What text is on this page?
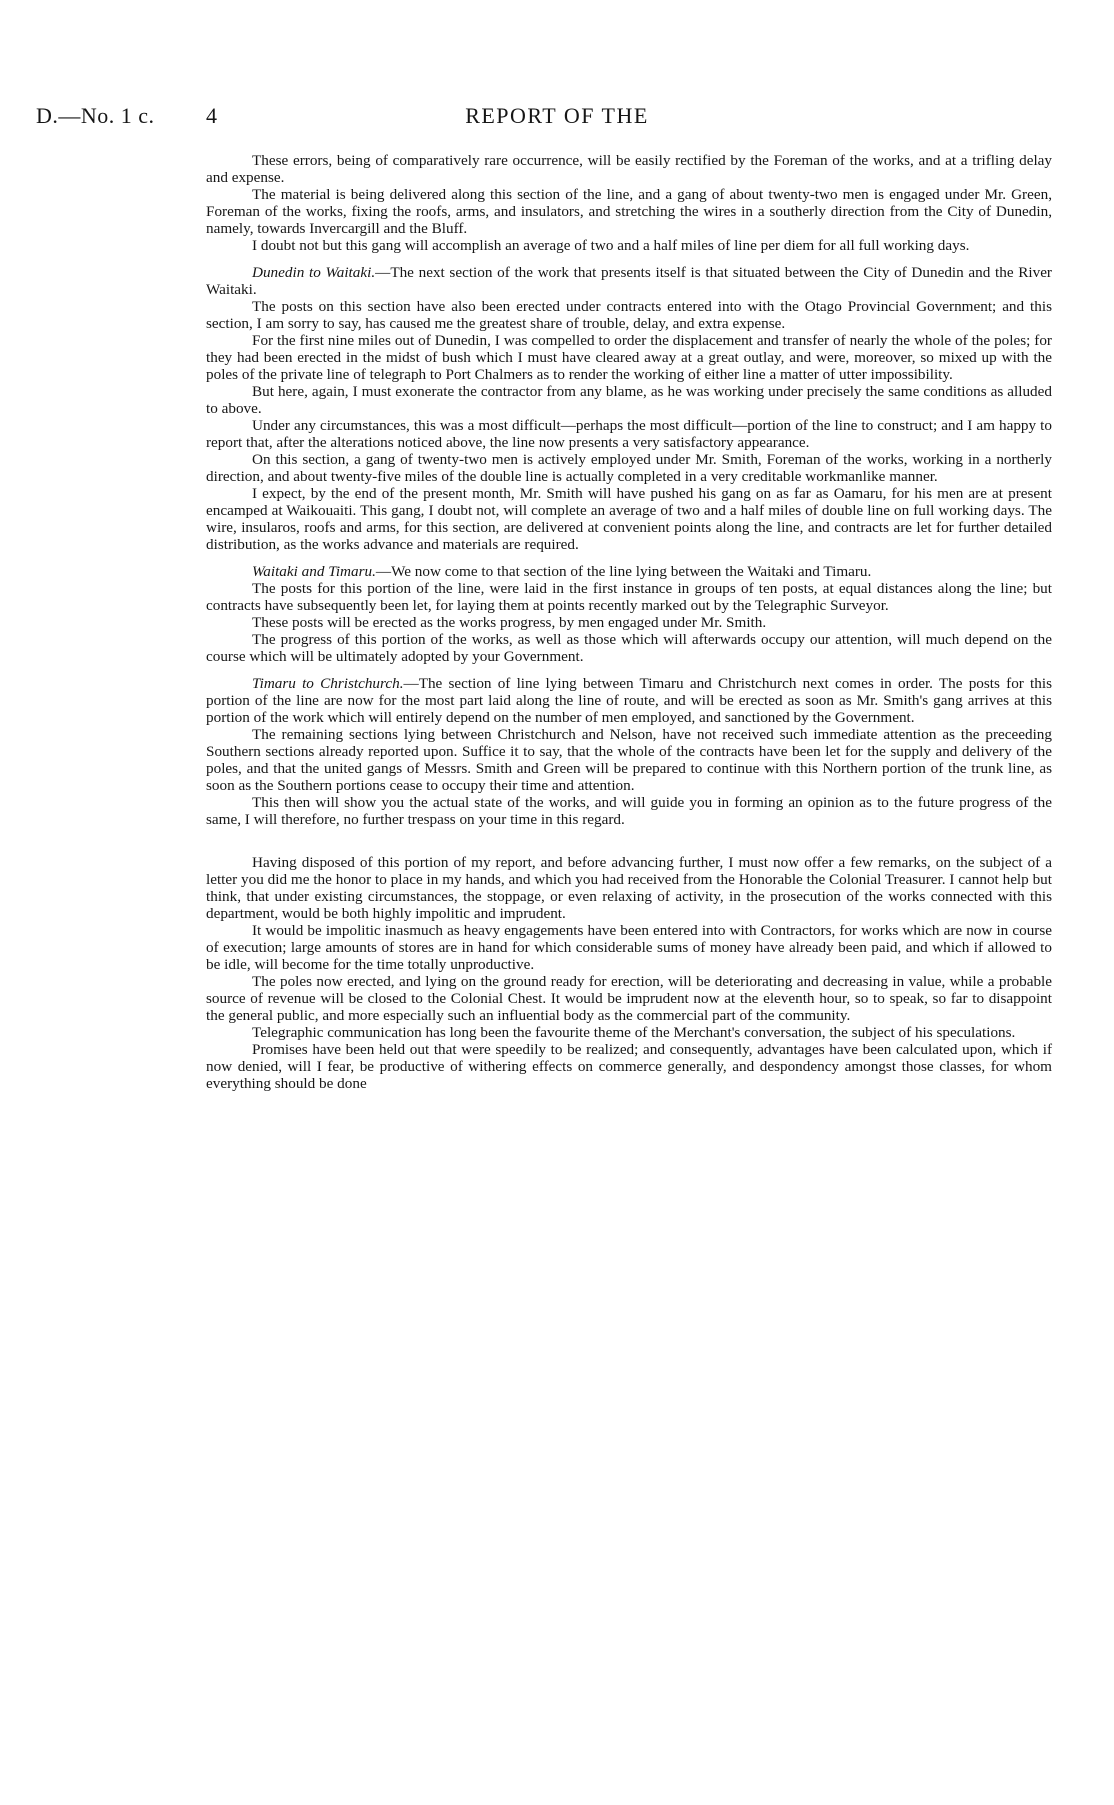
D.—No. 1 c. 4	REPORT OF THE

These errors, being of comparatively rare occurrence, will be easily rectified by the Foreman of the works, and at a trifling delay and expense.

The material is being delivered along this section of the line, and a gang of about twenty-two men is engaged under Mr. Green, Foreman of the works, fixing the roofs, arms, and insulators, and stretching the wires in a southerly direction from the City of Dunedin, namely, towards Invercargill and the Bluff.

I doubt not but this gang will accomplish an average of two and a half miles of line per diem for all full working days.

Dunedin to Waitaki.—The next section of the work that presents itself is that situated between the City of Dunedin and the River Waitaki.

The posts on this section have also been erected under contracts entered into with the Otago Provincial Government; and this section, I am sorry to say, has caused me the greatest share of trouble, delay, and extra expense.

For the first nine miles out of Dunedin, I was compelled to order the displacement and transfer of nearly the whole of the poles; for they had been erected in the midst of bush which I must have cleared away at a great outlay, and were, moreover, so mixed up with the poles of the private line of telegraph to Port Chalmers as to render the working of either line a matter of utter impossibility.

But here, again, I must exonerate the contractor from any blame, as he was working under precisely the same conditions as alluded to above.

Under any circumstances, this was a most difficult—perhaps the most difficult—portion of the line to construct; and I am happy to report that, after the alterations noticed above, the line now presents a very satisfactory appearance.

On this section, a gang of twenty-two men is actively employed under Mr. Smith, Foreman of the works, working in a northerly direction, and about twenty-five miles of the double line is actually completed in a very creditable workmanlike manner.

I expect, by the end of the present month, Mr. Smith will have pushed his gang on as far as Oamaru, for his men are at present encamped at Waikouaiti. This gang, I doubt not, will complete an average of two and a half miles of double line on full working days. The wire, insularos, roofs and arms, for this section, are delivered at convenient points along the line, and contracts are let for further detailed distribution, as the works advance and materials are required.

Waitaki and Timaru.—We now come to that section of the line lying between the Waitaki and Timaru.

The posts for this portion of the line, were laid in the first instance in groups of ten posts, at equal distances along the line; but contracts have subsequently been let, for laying them at points recently marked out by the Telegraphic Surveyor.

These posts will be erected as the works progress, by men engaged under Mr. Smith.

The progress of this portion of the works, as well as those which will afterwards occupy our attention, will much depend on the course which will be ultimately adopted by your Government.

Timaru to Christchurch.—The section of line lying between Timaru and Christchurch next comes in order. The posts for this portion of the line are now for the most part laid along the line of route, and will be erected as soon as Mr. Smith's gang arrives at this portion of the work which will entirely depend on the number of men employed, and sanctioned by the Government.

The remaining sections lying between Christchurch and Nelson, have not received such immediate attention as the preceeding Southern sections already reported upon. Suffice it to say, that the whole of the contracts have been let for the supply and delivery of the poles, and that the united gangs of Messrs. Smith and Green will be prepared to continue with this Northern portion of the trunk line, as soon as the Southern portions cease to occupy their time and attention.

This then will show you the actual state of the works, and will guide you in forming an opinion as to the future progress of the same, I will therefore, no further trespass on your time in this regard.

Having disposed of this portion of my report, and before advancing further, I must now offer a few remarks, on the subject of a letter you did me the honor to place in my hands, and which you had received from the Honorable the Colonial Treasurer. I cannot help but think, that under existing circumstances, the stoppage, or even relaxing of activity, in the prosecution of the works connected with this department, would be both highly impolitic and imprudent.

It would be impolitic inasmuch as heavy engagements have been entered into with Contractors, for works which are now in course of execution; large amounts of stores are in hand for which considerable sums of money have already been paid, and which if allowed to be idle, will become for the time totally unproductive.

The poles now erected, and lying on the ground ready for erection, will be deteriorating and decreasing in value, while a probable source of revenue will be closed to the Colonial Chest. It would be imprudent now at the eleventh hour, so to speak, so far to disappoint the general public, and more especially such an influential body as the commercial part of the community.

Telegraphic communication has long been the favourite theme of the Merchant's conversation, the subject of his speculations.

Promises have been held out that were speedily to be realized; and consequently, advantages have been calculated upon, which if now denied, will I fear, be productive of withering effects on commerce generally, and despondency amongst those classes, for whom everything should be done
